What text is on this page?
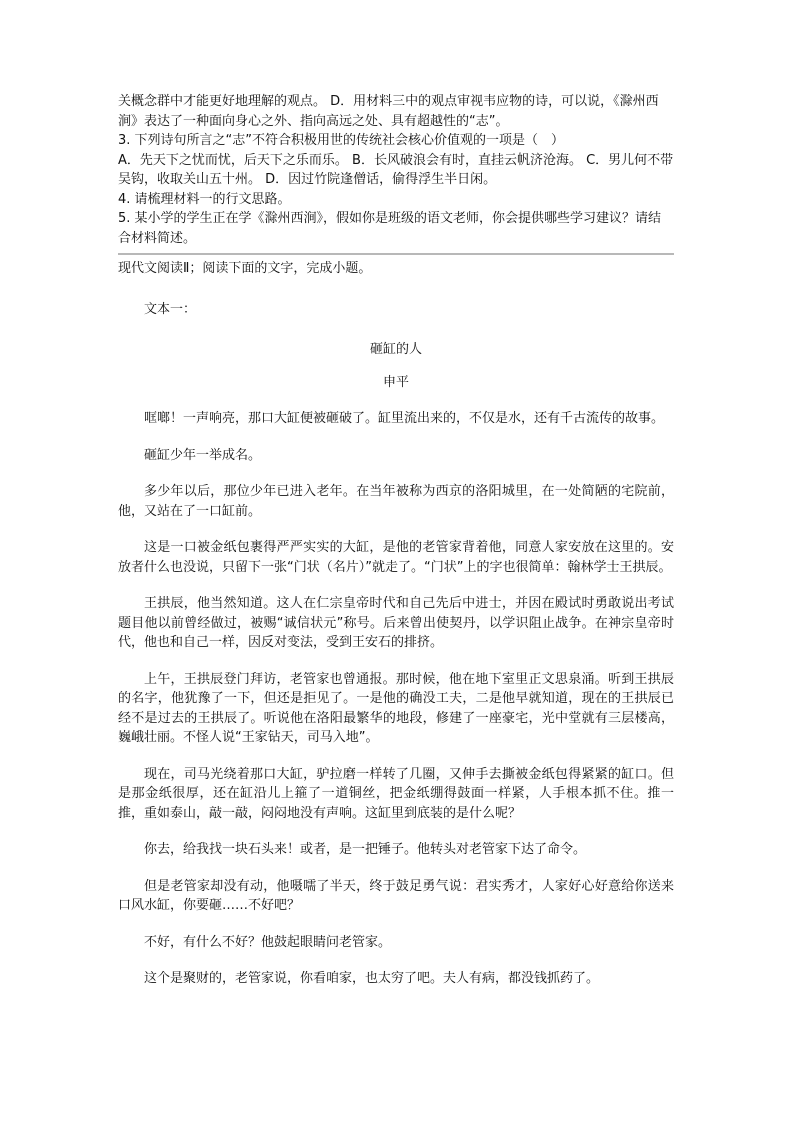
关概念群中才能更好地理解的观点。 D．用材料三中的观点审视韦应物的诗，可以说，《滁州西涧》表达了一种面向身心之外、指向高远之处、具有超越性的“志”。

3. 下列诗句所言之“志”不符合积极用世的传统社会核心价值观的一项是（　）

A．先天下之忧而忧，后天下之乐而乐。 B．长风破浪会有时，直挂云帆济沧海。 C．男儿何不带吴钩，收取关山五十州。 D．因过竹院逢僧话，偷得浮生半日闲。

4. 请梳理材料一的行文思路。

5. 某小学的学生正在学《滁州西涧》，假如你是班级的语文老师，你会提供哪些学习建议？请结合材料简述。

现代文阅读Ⅱ；阅读下面的文字，完成小题。
文本一：
砸缸的人
申平

哐啷！一声响亮，那口大缸便被砸破了。缸里流出来的，不仅是水，还有千古流传的故事。

砸缸少年一举成名。

多少年以后，那位少年已进入老年。在当年被称为西京的洛阳城里，在一处简陋的宅院前，他，又站在了一口缸前。

这是一口被金纸包裹得严严实实的大缸，是他的老管家背着他，同意人家安放在这里的。安放者什么也没说，只留下一张“门状（名片）”就走了。“门状”上的字也很简单：翰林学士王拱辰。

王拱辰，他当然知道。这人在仁宗皇帝时代和自己先后中进士，并因在殿试时勇敢说出考试题目他以前曾经做过，被赐“诚信状元”称号。后来曾出使契丹，以学识阻止战争。在神宗皇帝时代，他也和自己一样，因反对变法，受到王安石的排挤。

上午，王拱辰登门拜访，老管家也曾通报。那时候，他在地下室里正文思泉涌。听到王拱辰的名字，他犹豫了一下，但还是拒见了。一是他的确没工夫，二是他早就知道，现在的王拱辰已经不是过去的王拱辰了。听说他在洛阳最繁华的地段，修建了一座豪宅，光中堂就有三层楼高，巍峨壮丽。不怪人说“王家钻天，司马入地”。

现在，司马光绕着那口大缸，驴拉磨一样转了几圈，又伸手去撕被金纸包得紧紧的缸口。但是那金纸很厚，还在缸沿儿上箍了一道铜丝，把金纸绷得鼓面一样紧，人手根本抓不住。推一推，重如泰山，敲一敲，闷闷地没有声响。这缸里到底装的是什么呢？

你去，给我找一块石头来！或者，是一把锤子。他转头对老管家下达了命令。

但是老管家却没有动，他嗫嚅了半天，终于鼓足勇气说：君实秀才，人家好心好意给你送来口风水缸，你要砸……不好吧？

不好，有什么不好？他鼓起眼睛问老管家。

这个是聚财的，老管家说，你看咱家，也太穷了吧。夫人有病，都没钱抓药了。
